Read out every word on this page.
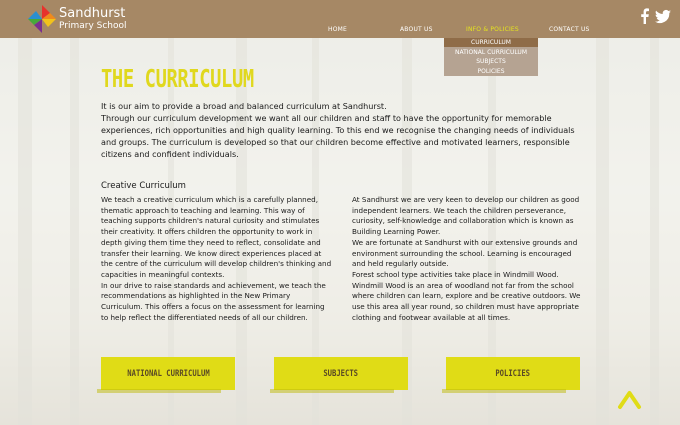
Sandhurst
Primary School	HOME	ABOUT US	INFO & POLICIES	CONTACT US
CURRICULUM
NATIONAL CURRICULUM
SUBJECTS
POLICIES
THE CURRICULUM

It is our aim to provide a broad and balanced curriculum at Sandhurst.

Through our curriculum development we want all our children and staff to have the opportunity for memorable experiences, rich opportunities and high quality learning. To this end we recognise the changing needs of individuals and groups. The curriculum is developed so that our children become effective and motivated learners, responsible citizens and confident individuals.

Creative Curriculum

We teach a creative curriculum which is a carefully planned, thematic approach to teaching and learning. This way of teaching supports children's natural curiosity and stimulates their creativity. It offers children the opportunity to work in depth giving them time they need to reflect, consolidate and transfer their learning. We know direct experiences placed at the centre of the curriculum will develop children's thinking and capacities in meaningful contexts.

In our drive to raise standards and achievement, we teach the recommendations as highlighted in the New Primary Curriculum. This offers a focus on the assessment for learning to help reflect the differentiated needs of all our children.

At Sandhurst we are very keen to develop our children as good independent learners. We teach the children perseverance, curiosity, self-knowledge and collaboration which is known as Building Learning Power.

We are fortunate at Sandhurst with our extensive grounds and environment surrounding the school. Learning is encouraged and held regularly outside.

Forest school type activities take place in Windmill Wood. Windmill Wood is an area of woodland not far from the school where children can learn, explore and be creative outdoors. We use this area all year round, so children must have appropriate clothing and footwear available at all times.

NATIONAL CURRICULUM	SUBJECTS	POLICIES
